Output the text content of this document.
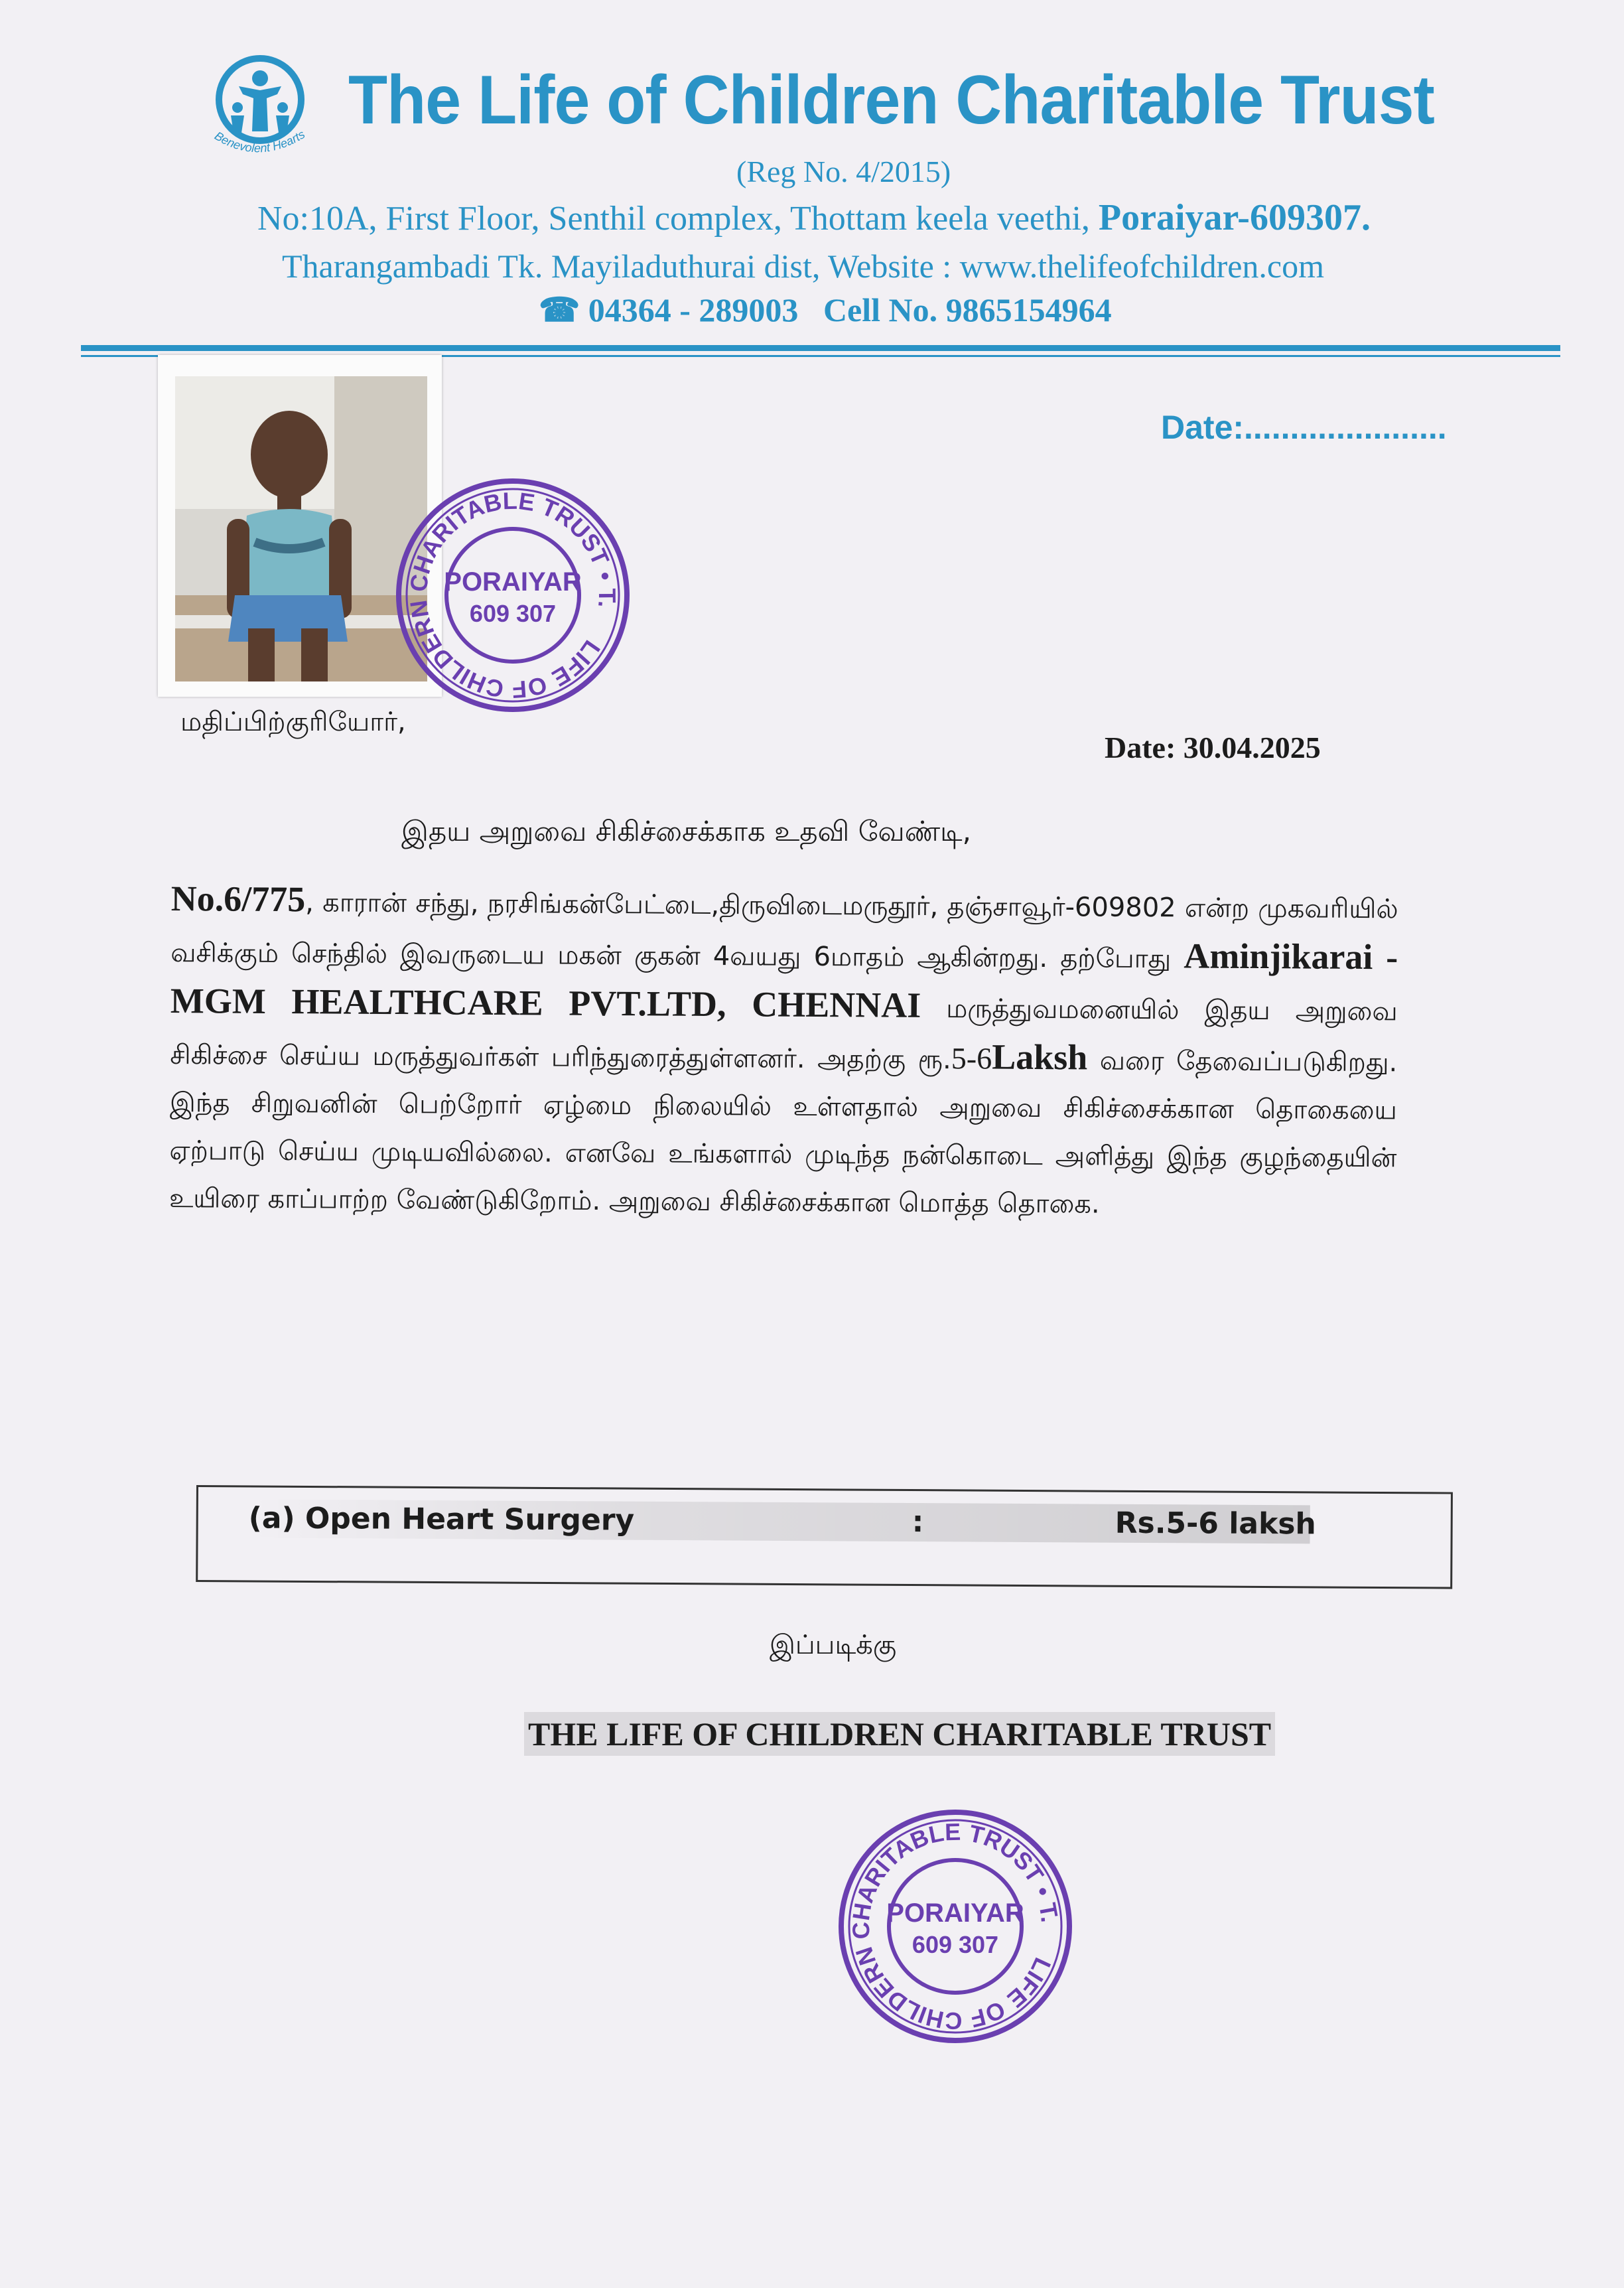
Benevolent Hearts The Life of Children Charitable Trust
(Reg No. 4/2015)
No:10A, First Floor, Senthil complex, Thottam keela veethi, Poraiyar-609307.
Tharangambadi Tk. Mayiladuthurai dist, Website : www.thelifeofchildren.com
☎ 04364 - 289003 Cell No. 9865154964
Date:......................
LIFE OF CHILDERN CHARITABLE TRUST • T.
PORAIYAR
609 307
மதிப்பிற்குரியோர்,
Date: 30.04.2025
இதய அறுவை சிகிச்சைக்காக உதவி வேண்டி,
No.6/775, காரான் சந்து, நரசிங்கன்பேட்டை,திருவிடைமருதூர், தஞ்சாவூர்-609802 என்ற முகவரியில் வசிக்கும் செந்தில் இவருடைய மகன் குகன் 4வயது 6மாதம் ஆகின்றது. தற்போது Aminjikarai - MGM HEALTHCARE PVT.LTD, CHENNAI மருத்துவமனையில் இதய அறுவை சிகிச்சை செய்ய மருத்துவர்கள் பரிந்துரைத்துள்ளனர். அதற்கு ரூ.5-6Laksh வரை தேவைப்படுகிறது. இந்த சிறுவனின் பெற்றோர் ஏழ்மை நிலையில் உள்ளதால் அறுவை சிகிச்சைக்கான தொகையை ஏற்பாடு செய்ய முடியவில்லை. எனவே உங்களால் முடிந்த நன்கொடை அளித்து இந்த குழந்தையின் உயிரை காப்பாற்ற வேண்டுகிறோம். அறுவை சிகிச்சைக்கான மொத்த தொகை.
(a) Open Heart Surgery	:	Rs.5-6 laksh
இப்படிக்கு
THE LIFE OF CHILDREN CHARITABLE TRUST
LIFE OF CHILDERN CHARITABLE TRUST • T.
PORAIYAR
609 307
